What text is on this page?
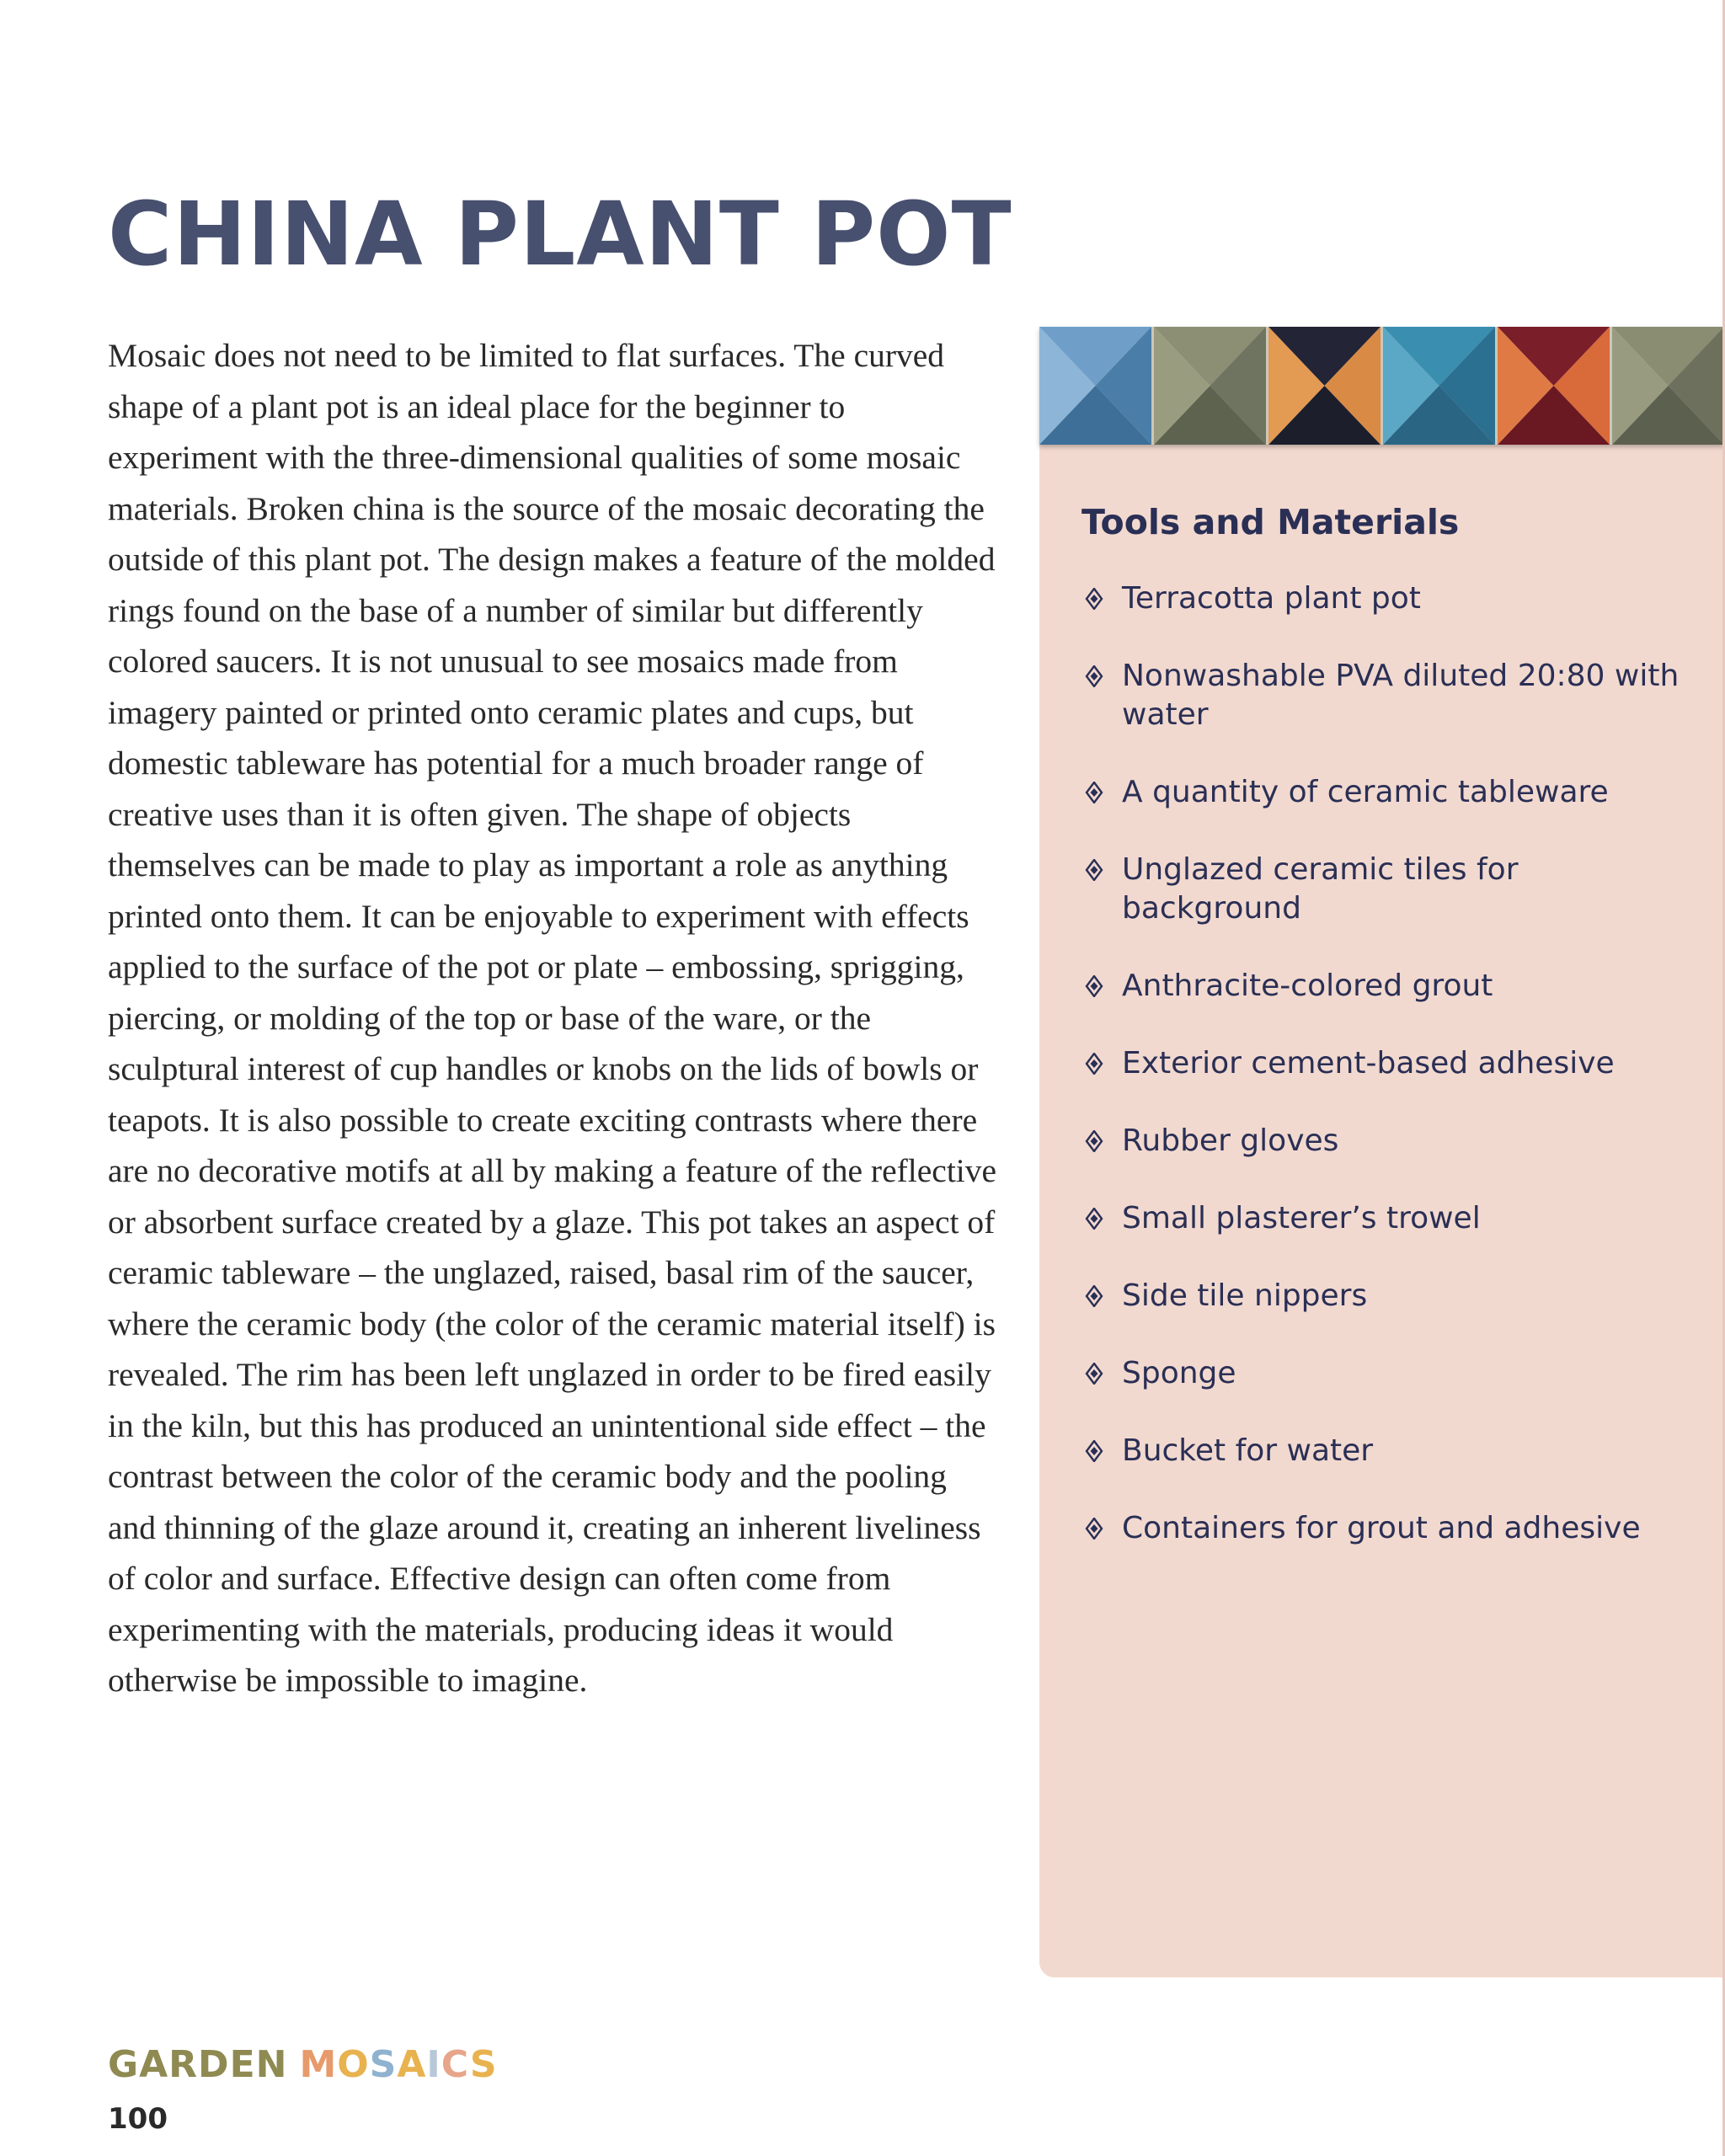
CHINA PLANT POT

Mosaic does not need to be limited to flat surfaces. The curved shape of a plant pot is an ideal place for the beginner to experiment with the three-dimensional qualities of some mosaic materials. Broken china is the source of the mosaic decorating the outside of this plant pot. The design makes a feature of the molded rings found on the base of a number of similar but differently colored saucers. It is not unusual to see mosaics made from imagery painted or printed onto ceramic plates and cups, but domestic tableware has potential for a much broader range of creative uses than it is often given. The shape of objects themselves can be made to play as important a role as anything printed onto them. It can be enjoyable to experiment with effects applied to the surface of the pot or plate – embossing, sprigging, piercing, or molding of the top or base of the ware, or the sculptural interest of cup handles or knobs on the lids of bowls or teapots. It is also possible to create exciting contrasts where there are no decorative motifs at all by making a feature of the reflective or absorbent surface created by a glaze. This pot takes an aspect of ceramic tableware – the unglazed, raised, basal rim of the saucer, where the ceramic body (the color of the ceramic material itself) is revealed. The rim has been left unglazed in order to be fired easily in the kiln, but this has produced an unintentional side effect – the contrast between the color of the ceramic body and the pooling and thinning of the glaze around it, creating an inherent liveliness of color and surface. Effective design can often come from experimenting with the materials, producing ideas it would otherwise be impossible to imagine.

Tools and Materials
Terracotta plant pot
Nonwashable PVA diluted 20:80 with water
A quantity of ceramic tableware
Unglazed ceramic tiles for background
Anthracite-colored grout
Exterior cement-based adhesive
Rubber gloves
Small plasterer’s trowel
Side tile nippers
Sponge
Bucket for water
Containers for grout and adhesive
GARDEN MOSAICS
100
